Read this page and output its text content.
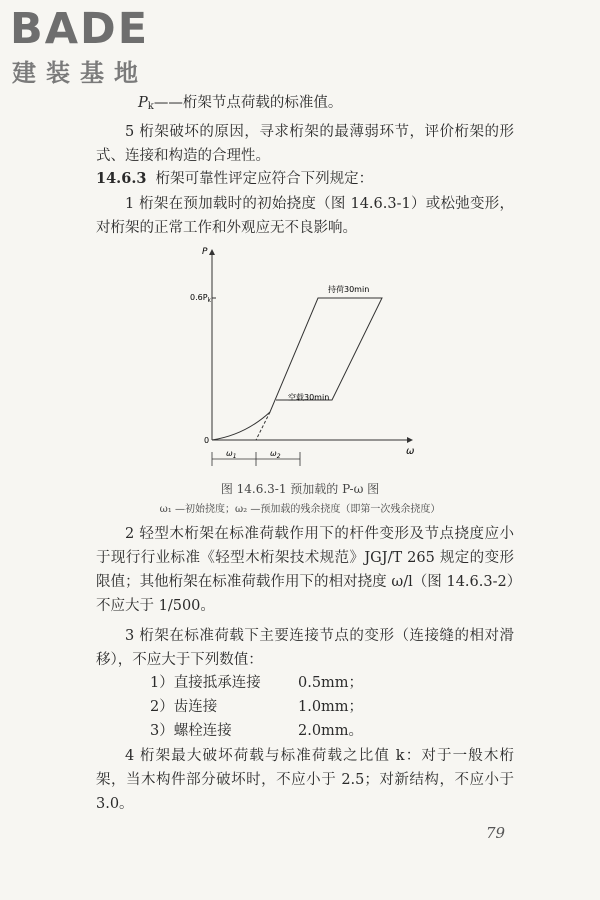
BADE
建装基地
$P_k——$桁架节点荷载的标准值。
5 桁架破坏的原因，寻求桁架的最薄弱环节，评价桁架的形式、连接和构造的合理性。
14.6.3 桁架可靠性评定应符合下列规定：
1 桁架在预加载时的初始挠度（图 14.6.3-1）或松弛变形，对桁架的正常工作和外观应无不良影响。
P
ω
0
$0.6P_k$
持荷30min
空载30min
$\omega_1$	$\omega_2$
图 14.6.3-1 预加载的 P-ω 图
ω₁ —初始挠度；ω₂ —预加载的残余挠度（即第一次残余挠度）
2 轻型木桁架在标准荷载作用下的杆件变形及节点挠度应小于现行行业标准《轻型木桁架技术规范》JGJ/T 265 规定的变形限值；其他桁架在标准荷载作用下的相对挠度 ω/l（图 14.6.3-2）不应大于 1/500。
3 桁架在标准荷载下主要连接节点的变形（连接缝的相对滑移），不应大于下列数值：
1）直接抵承连接	0.5mm；
2）齿连接	1.0mm；
3）螺栓连接	2.0mm。
4 桁架最大破坏荷载与标准荷载之比值 k：对于一般木桁架，当木构件部分破坏时，不应小于 2.5；对新结构，不应小于 3.0。
79
